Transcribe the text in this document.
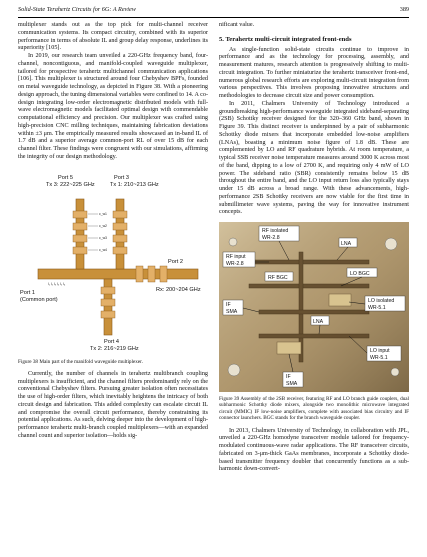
Solid-State Terahertz Circuits for 6G: A Review	389

multiplexer stands out as the top pick for multi-channel receiver communication systems. Its compact circuitry, combined with its superior performance in terms of absolute IL and group delay response, underlines its superiority [105].

In 2019, our research team unveiled a 220-GHz frequency band, four-channel, noncontiguous, and manifold-coupled waveguide multiplexer, tailored for prospective terahertz multichannel communication applications [106]. This multiplexer is structured around four Chebyshev BPFs, founded on metal waveguide technology, as depicted in Figure 38. With a pioneering design approach, the tuning dimensional variables were confined to 14. A co-design integrating low-order electromagnetic distributed models with full-wave electromagnetic models facilitated optimal design with commendable computational efficiency and precision. Our multiplexer was crafted using high-precision CNC milling techniques, maintaining fabrication deviations within ±3 μm. The empirically measured results showcased an in-band IL of 1.7 dB and a superior average common-port RL of over 15 dB for each channel filter. These findings were congruent with our simulations, affirming the integrity of our design methodology.

c_w1
c_w2
c_w3
c_w4
l₁ l₂ l₃ l₄ l₅ l₆
Port 5
Tx 3: 222~225 GHz
Port 3
Tx 1: 210~213 GHz
Port 1
(Common port)
Port 2
Rx: 200~204 GHz
Port 4
Tx 2: 216~219 GHz
Figure 38 Main part of the manifold waveguide multiplexer.

Currently, the number of channels in terahertz multibranch coupling multiplexers is insufficient, and the channel filters predominantly rely on the conventional Chebyshev filters. Pursuing greater isolation often necessitates the use of high-order filters, which inevitably heightens the intricacy of both circuit design and fabrication. This added complexity can escalate circuit IL and compromise the overall circuit performance, thereby constraining its potential applications. As such, delving deeper into the development of high-performance terahertz multi-branch coupled multiplexers—with an expanded channel count and superior isolation—holds sig-

nificant value.

5. Terahertz multi-circuit integrated front-ends

As single-function solid-state circuits continue to improve in performance and as the technology for processing, assembly, and measurement matures, research attention is progressively shifting to multi-circuit integration. To further miniaturize the terahertz transceiver front-end, numerous global research efforts are exploring multi-circuit integration from various perspectives. This involves proposing innovative structures and methodologies to decrease circuit size and power consumption.

In 2011, Chalmers University of Technology introduced a groundbreaking high-performance waveguide integrated sideband-separating (2SB) Schottky receiver designed for the 320–360 GHz band, shown in Figure 39. This distinct receiver is underpinned by a pair of subharmonic Schottky diode mixers that incorporate embedded low-noise amplifiers (LNAs), boasting a minimum noise figure of 1.8 dB. These are complemented by LO and RF quadrature hybrids. At room temperature, a typical SSB receiver noise temperature measures around 3000 K across most of the band, dipping to a low of 2700 K, and requiring only 4 mW of LO power. The sideband ratio (SBR) consistently remains below 15 dB throughout the entire band, and the LO input return loss also typically stays under 15 dB across a broad range. With these advancements, high-performance 2SB Schottky receivers are now viable for the first time in submillimeter wave systems, paving the way for innovative instrument concepts.

RF isolated
WR-2.8
RF input
WR-2.8
RF BGC
LNA
LO BGC
LNA
IF
SMA
LO isolated
WR-5.1
IF
SMA
LO input
WR-5.1
Figure 39 Assembly of the 2SB receiver, featuring RF and LO branch guide couplers, dual subharmonic Schottky diode mixers, alongside two monolithic microwave integrated circuit (MMIC) IF low-noise amplifiers, complete with associated bias circuitry and IF connector launchers. BGC stands for the branch waveguide coupler.

In 2013, Chalmers University of Technology, in collaboration with JPL, unveiled a 220-GHz homodyne transceiver module tailored for frequency-modulated continuous-wave radar applications. The RF transceiver circuits, fabricated on 3-μm-thick GaAs membranes, incorporate a Schottky diode-based transmitter frequency doubler that concurrently functions as a sub-harmonic down-convert-
